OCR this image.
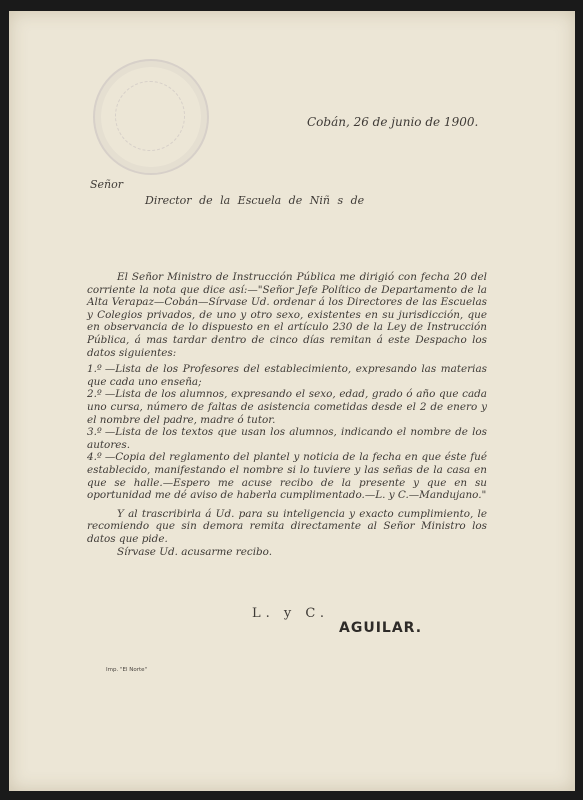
Cobán, 26 de junio de 1900.
Señor
Director de la Escuela de Niñ s de

El Señor Ministro de Instrucción Pública me dirigió con fecha 20 del corriente la nota que dice así:—"Señor Jefe Político de Departamento de la Alta Verapaz—Cobán—Sírvase Ud. ordenar á los Directores de las Escuelas y Colegios privados, de uno y otro sexo, existentes en su jurisdicción, que en observancia de lo dispuesto en el artículo 230 de la Ley de Instrucción Pública, á mas tardar dentro de cinco días remitan á este Despacho los datos siguientes:

1.º —Lista de los Profesores del establecimiento, expresando las materias que cada uno enseña;
2.º —Lista de los alumnos, expresando el sexo, edad, grado ó año que cada uno cursa, número de faltas de asistencia cometidas desde el 2 de enero y el nombre del padre, madre ó tutor.
3.º —Lista de los textos que usan los alumnos, indicando el nombre de los autores.
4.º —Copia del reglamento del plantel y noticia de la fecha en que éste fué establecido, manifestando el nombre si lo tuviere y las señas de la casa en que se halle.—Espero me acuse recibo de la presente y que en su oportunidad me dé aviso de haberla cumplimentado.—L. y C.—Mandujano."

Y al trascribirla á Ud. para su inteligencia y exacto cumplimiento, le recomiendo que sin demora remita directamente al Señor Ministro los datos que pide.

Sírvase Ud. acusarme recibo.

L. y C.
AGUILAR.
Imp. "El Norte"
